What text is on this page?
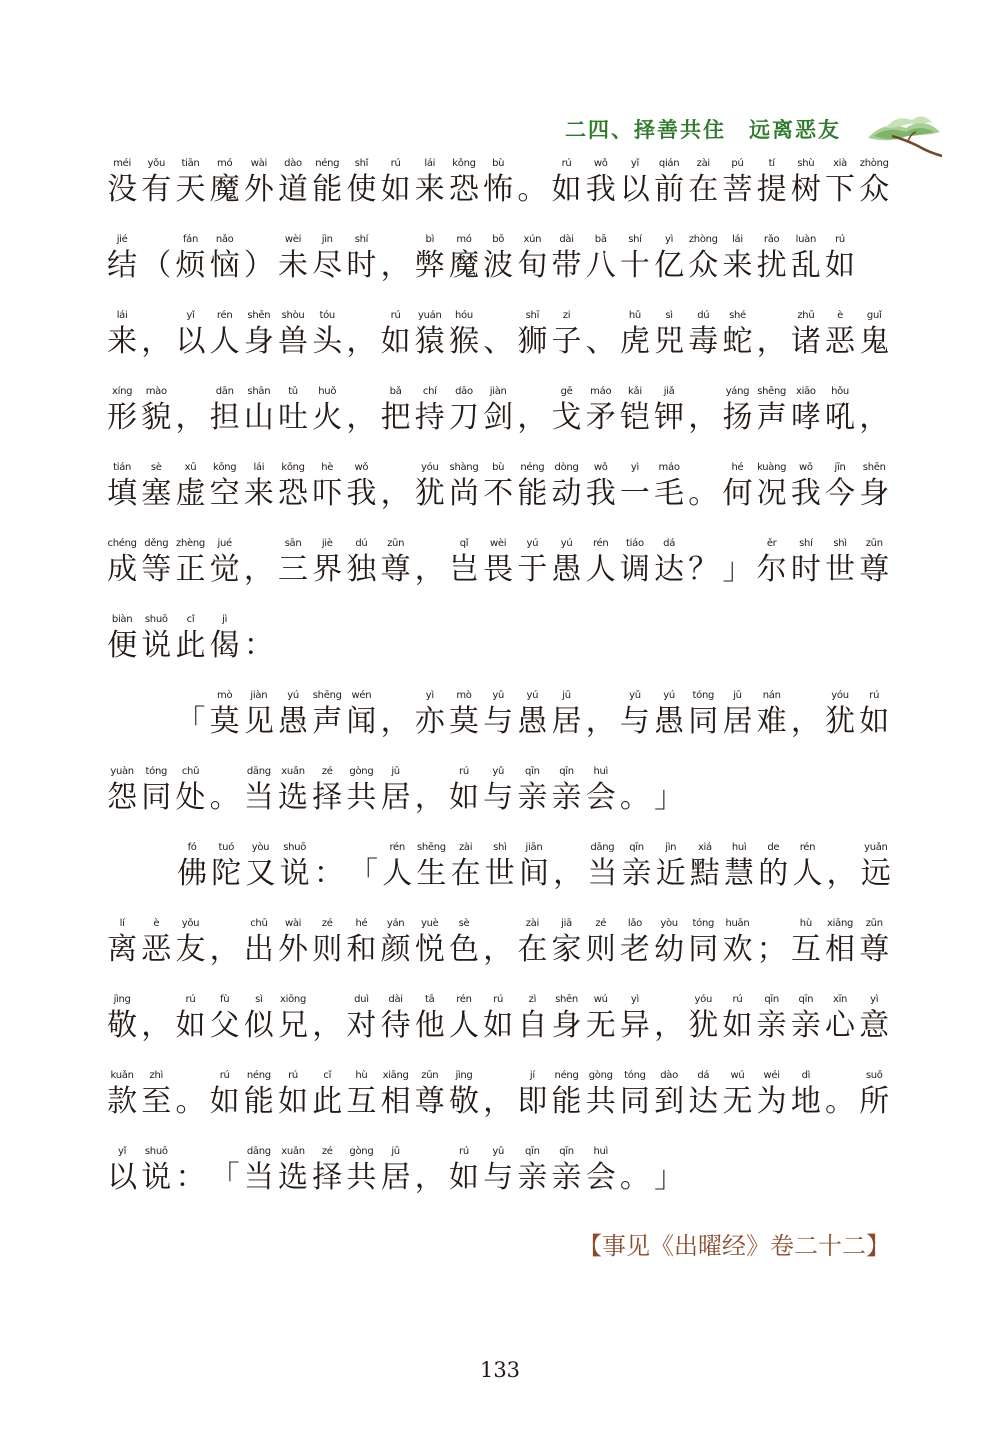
二四、择善共住　远离恶友
méi
没
yǒu
有
tiān
天
mó
魔
wài
外
dào
道
néng
能
shǐ
使
rú
如
lái
来
kǒng
恐
bù
怖 。
rú
如
wǒ
我
yǐ
以
qián
前
zài
在
pú
菩
tí
提
shù
树
xià
下
zhòng
众
jié
结 （
fán
烦
nǎo
恼 ）
wèi
未
jìn
尽
shí
时 ，
bì
弊
mó
魔
bō
波
xún
旬
dài
带
bā
八
shí
十
yì
亿
zhòng
众
lái
来
rǎo
扰
luàn
乱
rú
如
lái
来 ，
yǐ
以
rén
人
shēn
身
shòu
兽
tóu
头 ，
rú
如
yuán
猿
hóu
猴 、
shī
狮
zi
子 、
hǔ
虎
sì
兕
dú
毒
shé
蛇 ，
zhū
诸
è
恶
guǐ
鬼
xíng
形
mào
貌 ，
dān
担
shān
山
tǔ
吐
huǒ
火 ，
bǎ
把
chí
持
dāo
刀
jiàn
剑 ，
gē
戈
máo
矛
kǎi
铠
jiǎ
钾 ，
yáng
扬
shēng
声
xiāo
哮
hǒu
吼 ，
tián
填
sè
塞
xū
虚
kōng
空
lái
来
kǒng
恐
hè
吓
wǒ
我 ，
yóu
犹
shàng
尚
bù
不
néng
能
dòng
动
wǒ
我
yì
一
máo
毛 。
hé
何
kuàng
况
wǒ
我
jīn
今
shēn
身
chéng
成
děng
等
zhèng
正
jué
觉 ，
sān
三
jiè
界
dú
独
zūn
尊 ，
qǐ
岂
wèi
畏
yú
于
yú
愚
rén
人
tiáo
调
dá
达 ？ 」
ěr
尔
shí
时
shì
世
zūn
尊
biàn
便
shuō
说
cǐ
此
jì
偈 ：
「
mò
莫
jiàn
见
yú
愚
shēng
声
wén
闻 ，
yì
亦
mò
莫
yǔ
与
yú
愚
jū
居 ，
yǔ
与
yú
愚
tóng
同
jū
居
nán
难 ，
yóu
犹
rú
如
yuàn
怨
tóng
同
chǔ
处 。
dāng
当
xuǎn
选
zé
择
gòng
共
jū
居 ，
rú
如
yǔ
与
qīn
亲
qīn
亲
huì
会 。 」
fó
佛
tuó
陀
yòu
又
shuō
说 ： 「
rén
人
shēng
生
zài
在
shì
世
jiān
间 ，
dāng
当
qīn
亲
jìn
近
xiá
黠
huì
慧
de
的
rén
人 ，
yuǎn
远
lí
离
è
恶
yǒu
友 ，
chū
出
wài
外
zé
则
hé
和
yán
颜
yuè
悦
sè
色 ，
zài
在
jiā
家
zé
则
lǎo
老
yòu
幼
tóng
同
huān
欢 ；
hù
互
xiāng
相
zūn
尊
jìng
敬 ，
rú
如
fù
父
sì
似
xiōng
兄 ，
duì
对
dài
待
tā
他
rén
人
rú
如
zì
自
shēn
身
wú
无
yì
异 ，
yóu
犹
rú
如
qīn
亲
qīn
亲
xīn
心
yì
意
kuǎn
款
zhì
至 。
rú
如
néng
能
rú
如
cǐ
此
hù
互
xiāng
相
zūn
尊
jìng
敬 ，
jí
即
néng
能
gòng
共
tóng
同
dào
到
dá
达
wú
无
wéi
为
dì
地 。
suǒ
所
yǐ
以
shuō
说 ： 「
dāng
当
xuǎn
选
zé
择
gòng
共
jū
居 ，
rú
如
yǔ
与
qīn
亲
qīn
亲
huì
会 。 」
【事见《出曜经》卷二十二】
133
